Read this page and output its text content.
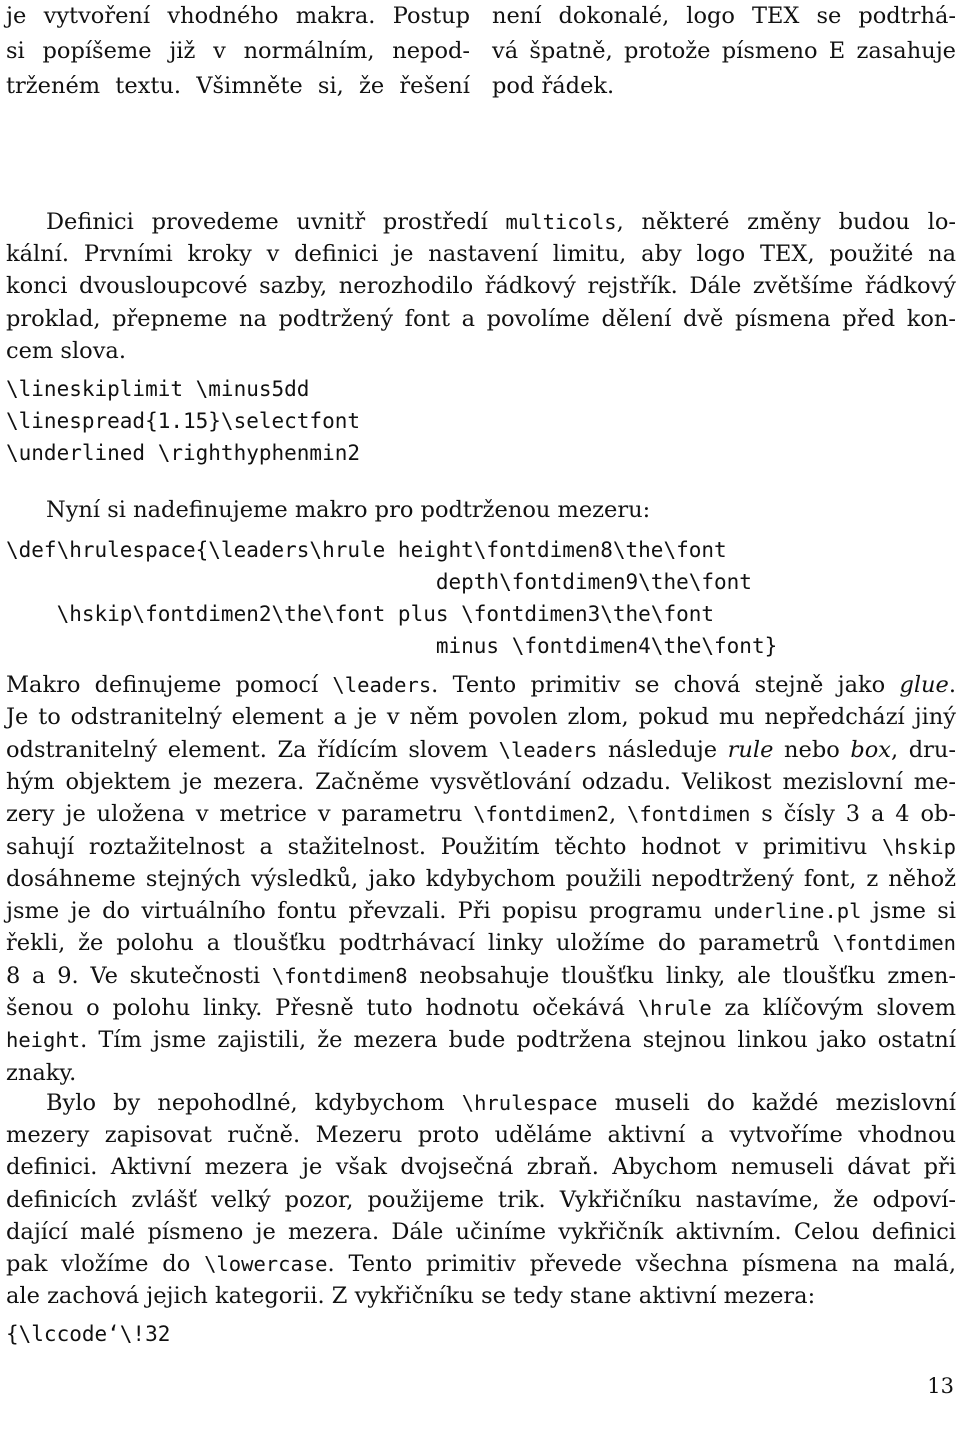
je vytvoření vhodného makra. Postup
si popíšeme již v normálním, nepod-
trženém textu. Všimněte si, že řešení
není dokonalé, logo TEX se podtrhá-
vá špatně, protože písmeno E zasahuje
pod řádek.
Definici provedeme uvnitř prostředí multicols, některé změny budou lo-
kální. Prvními kroky v definici je nastavení limitu, aby logo TEX, použité na
konci dvousloupcové sazby, nerozhodilo řádkový rejstřík. Dále zvětšíme řádkový
proklad, přepneme na podtržený font a povolíme dělení dvě písmena před kon-
cem slova.
\lineskiplimit \minus5dd
\linespread{1.15}\selectfont
\underlined \righthyphenmin2
Nyní si nadefinujeme makro pro podtrženou mezeru:
\def\hrulespace{\leaders\hrule height\fontdimen8\the\font
depth\fontdimen9\the\font
\hskip\fontdimen2\the\font plus \fontdimen3\the\font
minus \fontdimen4\the\font}
Makro definujeme pomocí \leaders. Tento primitiv se chová stejně jako glue.
Je to odstranitelný element a je v něm povolen zlom, pokud mu nepředchází jiný
odstranitelný element. Za řídícím slovem \leaders následuje rule nebo box, dru-
hým objektem je mezera. Začněme vysvětlování odzadu. Velikost mezislovní me-
zery je uložena v metrice v parametru \fontdimen2, \fontdimen s čísly 3 a 4 ob-
sahují roztažitelnost a stažitelnost. Použitím těchto hodnot v primitivu \hskip
dosáhneme stejných výsledků, jako kdybychom použili nepodtržený font, z něhož
jsme je do virtuálního fontu převzali. Při popisu programu underline.pl jsme si
řekli, že polohu a tloušťku podtrhávací linky uložíme do parametrů \fontdimen
8 a 9. Ve skutečnosti \fontdimen8 neobsahuje tloušťku linky, ale tloušťku zmen-
šenou o polohu linky. Přesně tuto hodnotu očekává \hrule za klíčovým slovem
height. Tím jsme zajistili, že mezera bude podtržena stejnou linkou jako ostatní
znaky.
Bylo by nepohodlné, kdybychom \hrulespace museli do každé mezislovní
mezery zapisovat ručně. Mezeru proto uděláme aktivní a vytvoříme vhodnou
definici. Aktivní mezera je však dvojsečná zbraň. Abychom nemuseli dávat při
definicích zvlášť velký pozor, použijeme trik. Vykřičníku nastavíme, že odpoví-
dající malé písmeno je mezera. Dále učiníme vykřičník aktivním. Celou definici
pak vložíme do \lowercase. Tento primitiv převede všechna písmena na malá,
ale zachová jejich kategorii. Z vykřičníku se tedy stane aktivní mezera:
{\lccode‘\!32
13
